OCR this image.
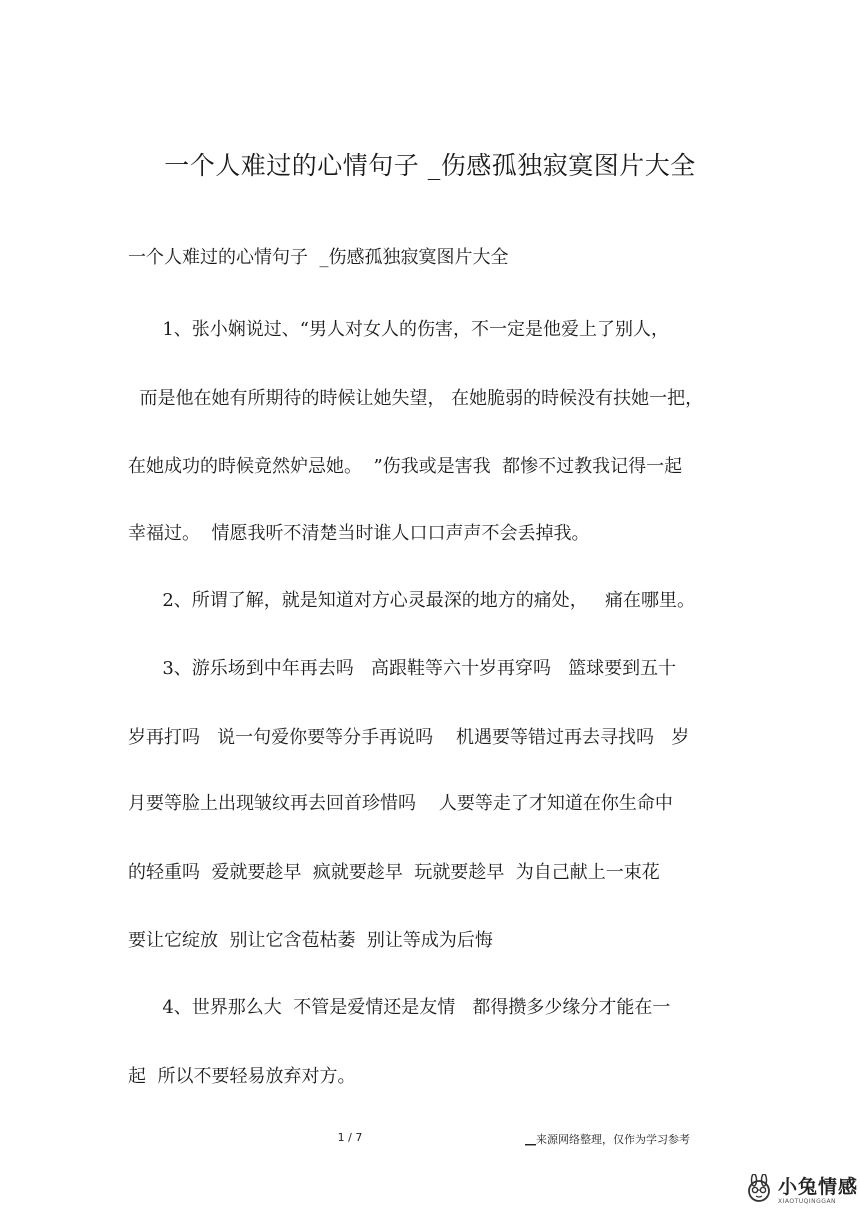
一个人难过的心情句子 _伤感孤独寂寞图片大全
一个人难过的心情句子  _伤感孤独寂寞图片大全
1、张小娴说过、“男人对女人的伤害，不一定是他爱上了别人，
而是他在她有所期待的時候让她失望， 在她脆弱的時候没有扶她一把，
在她成功的時候竟然妒忌她。  ”伤我或是害我  都惨不过教我记得一起
幸福过。  情愿我听不清楚当时谁人口口声声不会丢掉我。
2、所谓了解，就是知道对方心灵最深的地方的痛处，   痛在哪里。
3、游乐场到中年再去吗   高跟鞋等六十岁再穿吗   篮球要到五十
岁再打吗   说一句爱你要等分手再说吗    机遇要等错过再去寻找吗   岁
月要等脸上出现皱纹再去回首珍惜吗    人要等走了才知道在你生命中
的轻重吗  爱就要趁早  疯就要趁早  玩就要趁早  为自己献上一束花
要让它绽放  别让它含苞枯萎  别让等成为后悔
4、世界那么大  不管是爱情还是友情   都得攒多少缘分才能在一
起  所以不要轻易放弃对方。
1 / 7	__来源网络整理，仅作为学习参考
小兔情感
XIAOTUQINGGAN
